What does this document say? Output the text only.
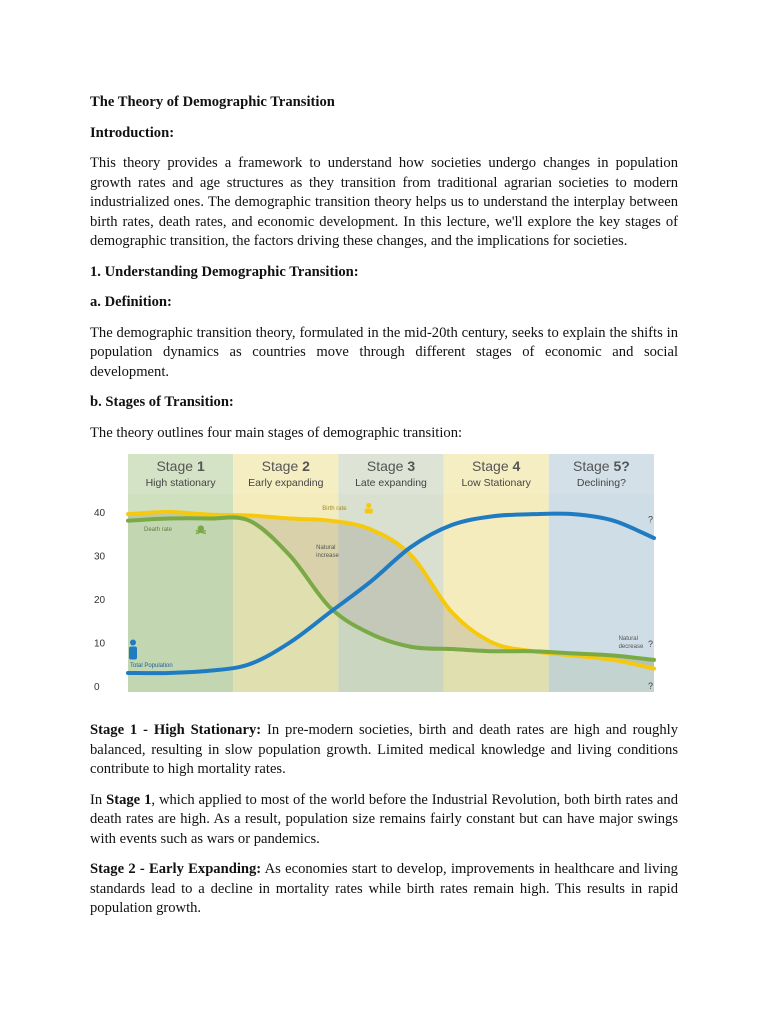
The Theory of Demographic Transition

Introduction:

This theory provides a framework to understand how societies undergo changes in population growth rates and age structures as they transition from traditional agrarian societies to modern industrialized ones. The demographic transition theory helps us to understand the interplay between birth rates, death rates, and economic development. In this lecture, we'll explore the key stages of demographic transition, the factors driving these changes, and the implications for societies.

1. Understanding Demographic Transition:

a. Definition:

The demographic transition theory, formulated in the mid-20th century, seeks to explain the shifts in population dynamics as countries move through different stages of economic and social development.

b. Stages of Transition:

The theory outlines four main stages of demographic transition:

Stage 1
High stationary
Stage 2
Early expanding
Stage 3
Late expanding
Stage 4
Low Stationary
Stage 5?
Declining?
0
10
20
30
40	Birth rate
Death rate
Total Population
Natural
increase
Natural
decrease
?
?
?

Stage 1 - High Stationary: In pre-modern societies, birth and death rates are high and roughly balanced, resulting in slow population growth. Limited medical knowledge and living conditions contribute to high mortality rates.

In Stage 1, which applied to most of the world before the Industrial Revolution, both birth rates and death rates are high. As a result, population size remains fairly constant but can have major swings with events such as wars or pandemics.

Stage 2 - Early Expanding: As economies start to develop, improvements in healthcare and living standards lead to a decline in mortality rates while birth rates remain high. This results in rapid population growth.
